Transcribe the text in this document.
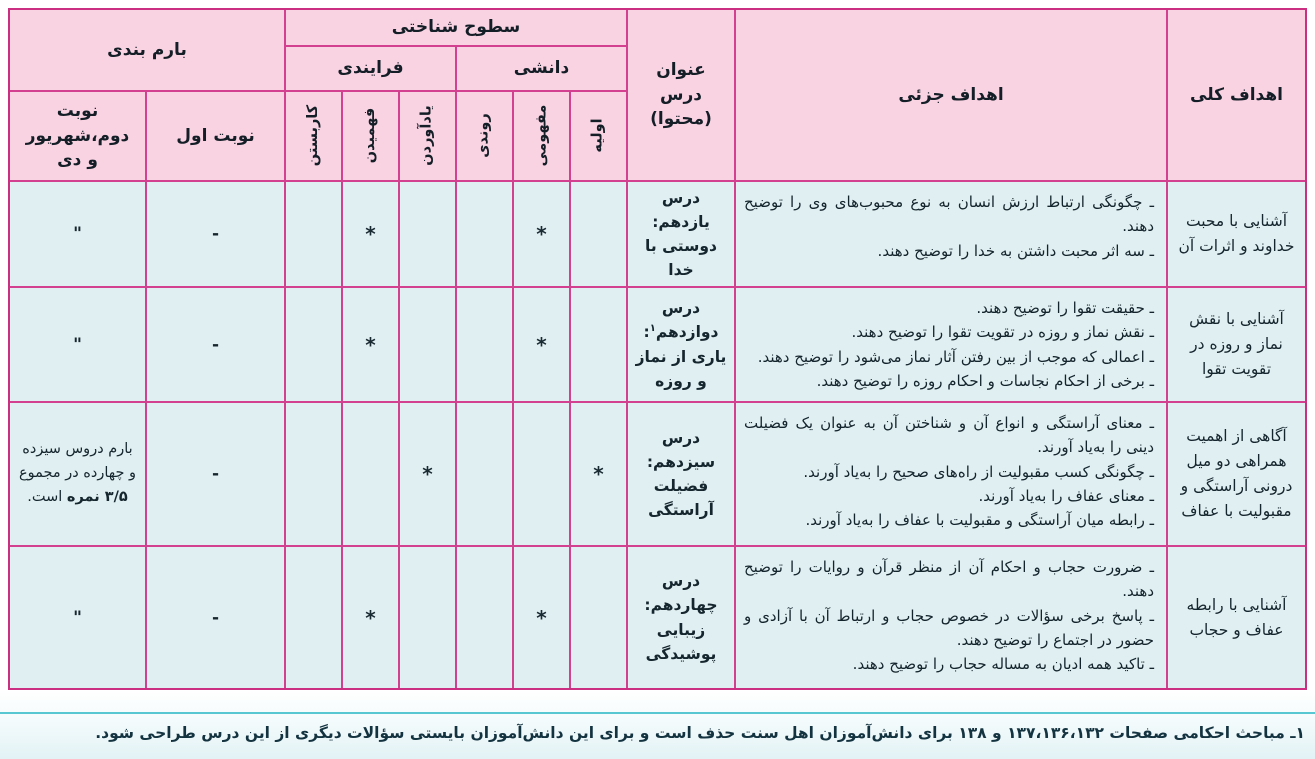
اهداف کلی
اهداف جزئی
عنوان درس (محتوا)
سطوح شناختی
دانشی
فرایندی
اولیه
مفهومی
روندی
یادآوردن
فهمیدن
کاربستن
بارم بندی
نوبت اول
نوبت دوم،شهریور و دی
آشنایی با محبت خداوند و اثرات آن
ـ چگونگی ارتباط ارزش انسان به نوع محبوب‌های وی را توضیح دهند.
ـ سه اثر محبت داشتن به خدا را توضیح دهند.
درس یازدهم: دوستی با خدا
*
*
-
"
آشنایی با نقش نماز و روزه در تقویت تقوا
ـ حقیقت تقوا را توضیح دهند.
ـ نقش نماز و روزه در تقویت تقوا را توضیح دهند.
ـ اعمالی که موجب از بین رفتن آثار نماز می‌شود را توضیح دهند.
ـ برخی از احکام نجاسات و احکام روزه را توضیح دهند.
درس دوازدهم$^۱$: یاری از نماز و روزه
*
*
-
"
آگاهی از اهمیت همراهی دو میل درونی آراستگی و مقبولیت با عفاف
ـ معنای آراستگی و انواع آن و شناختن آن به عنوان یک فضیلت دینی را به‌یاد آورند.
ـ چگونگی کسب مقبولیت از راه‌های صحیح را به‌یاد آورند.
ـ معنای عفاف را به‌یاد آورند.
ـ رابطه میان آراستگی و مقبولیت با عفاف را به‌یاد آورند.
درس سیزدهم: فضیلت آراستگی
*
*
-
بارم دروس سیزده و چهارده در مجموع ۳/۵ نمره است.
آشنایی با رابطه عفاف و حجاب
ـ ضرورت حجاب و احکام آن از منظر قرآن و روایات را توضیح دهند.
ـ پاسخ برخی سؤالات در خصوص حجاب و ارتباط آن با آزادی و حضور در اجتماع را توضیح دهند.
ـ تاکید همه ادیان به مساله حجاب را توضیح دهند.
درس چهاردهم: زیبایی پوشیدگی
*
*
-
"
۱ـ مباحث احکامی صفحات ۱۳۷،۱۳۶،۱۳۲ و ۱۳۸ برای دانش‌آموزان اهل سنت حذف است و برای این دانش‌آموزان بایستی سؤالات دیگری از این درس طراحی شود.
